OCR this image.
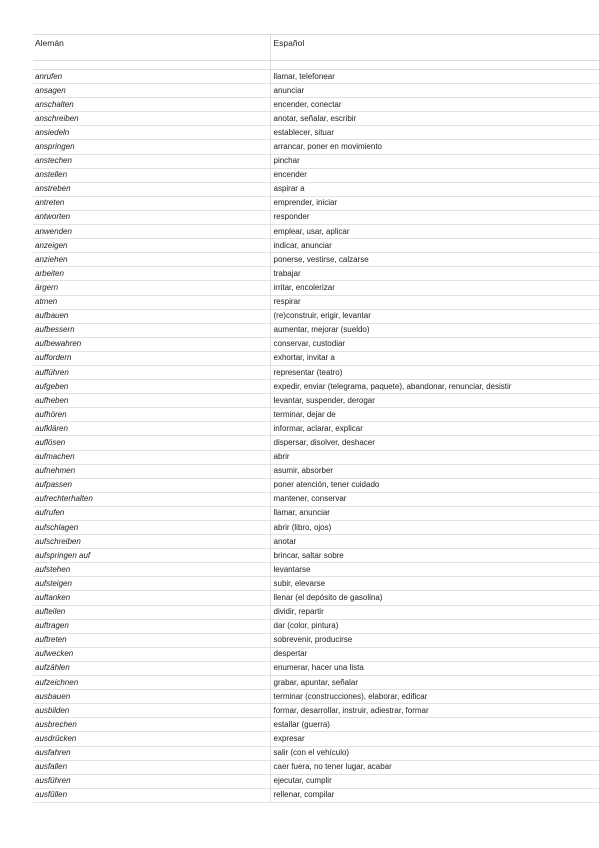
Alemán	Español

anrufen	llamar, telefonear
ansagen	anunciar
anschalten	encender, conectar
anschreiben	anotar, señalar, escribir
ansiedeln	establecer, situar
anspringen	arrancar, poner en movimiento
anstechen	pinchar
anstellen	encender
anstreben	aspirar a
antreten	emprender, iniciar
antworten	responder
anwenden	emplear, usar, aplicar
anzeigen	indicar, anunciar
anziehen	ponerse, vestirse, calzarse
arbeiten	trabajar
ärgern	irritar, encolerizar
atmen	respirar
aufbauen	(re)construir, erigir, levantar
aufbessern	aumentar, mejorar (sueldo)
aufbewahren	conservar, custodiar
auffordern	exhortar, invitar a
aufführen	representar (teatro)
aufgeben	expedir, enviar (telegrama, paquete), abandonar, renunciar, desistir
aufheben	levantar, suspender, derogar
aufhören	terminar, dejar de
aufklären	informar, aclarar, explicar
auflösen	dispersar, disolver, deshacer
aufmachen	abrir
aufnehmen	asumir, absorber
aufpassen	poner atención, tener cuidado
aufrechterhalten	mantener, conservar
aufrufen	llamar, anunciar
aufschlagen	abrir (libro, ojos)
aufschreiben	anotar
aufspringen auf	brincar, saltar sobre
aufstehen	levantarse
aufsteigen	subir, elevarse
auftanken	llenar (el depósito de gasolina)
aufteilen	dividir, repartir
auftragen	dar (color, pintura)
auftreten	sobrevenir, producirse
aufwecken	despertar
aufzählen	enumerar, hacer una lista
aufzeichnen	grabar, apuntar, señalar
ausbauen	terminar (construcciones), elaborar, edificar
ausbilden	formar, desarrollar, instruir, adiestrar, formar
ausbrechen	estallar (guerra)
ausdrücken	expresar
ausfahren	salir (con el vehículo)
ausfallen	caer fuera, no tener lugar, acabar
ausführen	ejecutar, cumplir
ausfüllen	rellenar, compilar
